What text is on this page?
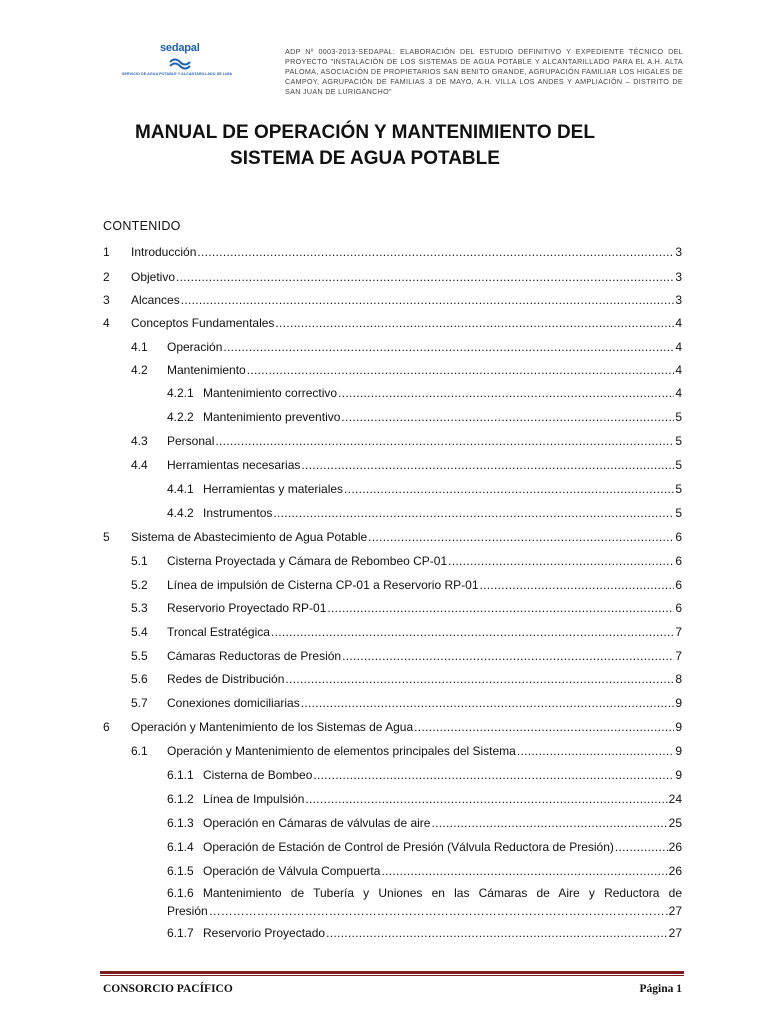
sedapal
SERVICIO DE AGUA POTABLE Y ALCANTARILLADO DE LIMA
ADP Nº 0003-2013-SEDAPAL: ELABORACIÓN DEL ESTUDIO DEFINITIVO Y EXPEDIENTE TÉCNICO DEL PROYECTO "INSTALACIÓN DE LOS SISTEMAS DE AGUA POTABLE Y ALCANTARILLADO PARA EL A.H. ALTA PALOMA, ASOCIACIÓN DE PROPIETARIOS SAN BENITO GRANDE, AGRUPACIÓN FAMILIAR LOS HIGALES DE CAMPOY, AGRUPACIÓN DE FAMILIAS 3 DE MAYO, A.H. VILLA LOS ANDES Y AMPLIACIÓN – DISTRITO DE SAN JUAN DE LURIGANCHO"
MANUAL DE OPERACIÓN Y MANTENIMIENTO DEL
SISTEMA DE AGUA POTABLE
CONTENIDO
1 Introducción .....	3
2 Objetivo .....	3
3 Alcances .....	3
4 Conceptos Fundamentales .....	4
4.1 Operación .....	4
4.2 Mantenimiento .....	4
4.2.1 Mantenimiento correctivo .....	4
4.2.2 Mantenimiento preventivo .....	5
4.3 Personal .....	5
4.4 Herramientas necesarias .....	5
4.4.1 Herramientas y materiales .....	5
4.4.2 Instrumentos .....	5
5 Sistema de Abastecimiento de Agua Potable .....	6
5.1 Cisterna Proyectada y Cámara de Rebombeo CP-01 .....	6
5.2 Línea de impulsión de Cisterna CP-01 a Reservorio RP-01 .....	6
5.3 Reservorio Proyectado RP-01 .....	6
5.4 Troncal Estratégica .....	7
5.5 Cámaras Reductoras de Presión .....	7
5.6 Redes de Distribución .....	8
5.7 Conexiones domiciliarias .....	9
6 Operación y Mantenimiento de los Sistemas de Agua .....	9
6.1 Operación y Mantenimiento de elementos principales del Sistema .....	9
6.1.1 Cisterna de Bombeo .....	9
6.1.2 Línea de Impulsión .....	24
6.1.3 Operación en Cámaras de válvulas de aire .....	25
6.1.4 Operación de Estación de Control de Presión (Válvula Reductora de Presión) .....	26
6.1.5 Operación de Válvula Compuerta .....	26
6.1.6 Mantenimiento de Tubería y Uniones en las Cámaras de Aire y Reductora de
Presión …………………………………………………………………………………………………………………………	27
6.1.7 Reservorio Proyectado .....	27
CONSORCIO PACÍFICO	Página 1
